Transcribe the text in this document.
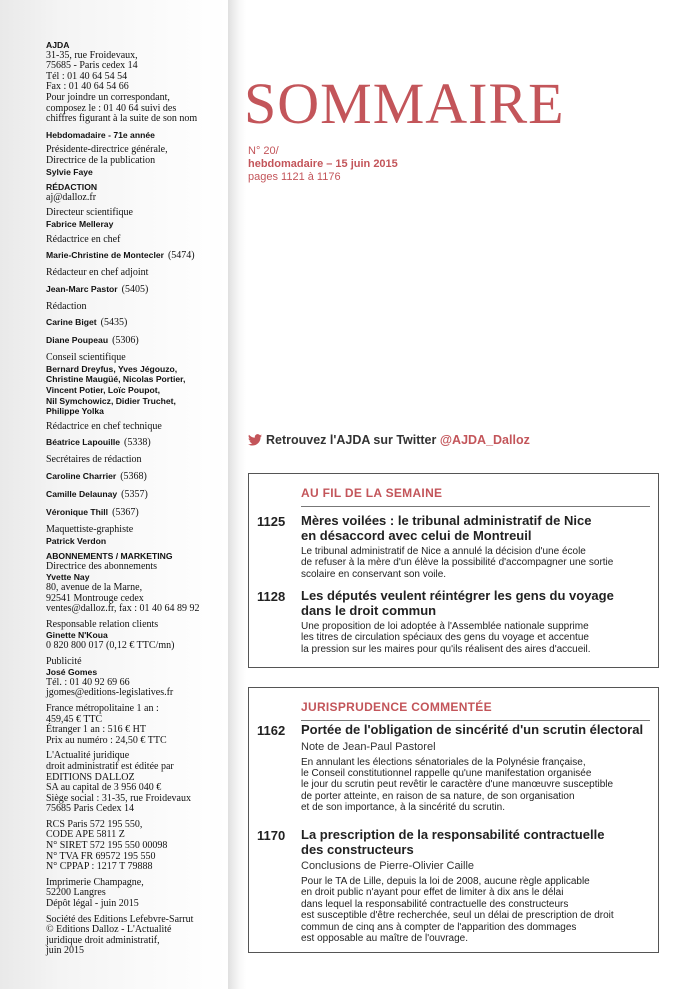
AJDA
31-35, rue Froidevaux,
75685 - Paris cedex 14
Tél : 01 40 64 54 54
Fax : 01 40 64 54 66
Pour joindre un correspondant,
composez le : 01 40 64 suivi des
chiffres figurant à la suite de son nom
Hebdomadaire - 71e année
Présidente-directrice générale,
Directrice de la publication
Sylvie Faye
RÉDACTION
aj@dalloz.fr
Directeur scientifique
Fabrice Melleray
Rédactrice en chef
Marie-Christine de Montecler (5474)
Rédacteur en chef adjoint
Jean-Marc Pastor (5405)
Rédaction
Carine Biget (5435)
Diane Poupeau (5306)
Conseil scientifique
Bernard Dreyfus, Yves Jégouzo,
Christine Maugüé, Nicolas Portier,
Vincent Potier, Loïc Poupot,
Nil Symchowicz, Didier Truchet,
Philippe Yolka
Rédactrice en chef technique
Béatrice Lapouille (5338)
Secrétaires de rédaction
Caroline Charrier (5368)
Camille Delaunay (5357)
Véronique Thill (5367)
Maquettiste-graphiste
Patrick Verdon
ABONNEMENTS / MARKETING
Directrice des abonnements
Yvette Nay
80, avenue de la Marne,
92541 Montrouge cedex
ventes@dalloz.fr, fax : 01 40 64 89 92
Responsable relation clients
Ginette N'Koua
0 820 800 017 (0,12 € TTC/mn)
Publicité
José Gomes
Tél. : 01 40 92 69 66
jgomes@editions-legislatives.fr
France métropolitaine 1 an :
459,45 € TTC
Étranger 1 an : 516 € HT
Prix au numéro : 24,50 € TTC
L'Actualité juridique
droit administratif est éditée par
EDITIONS DALLOZ
SA au capital de 3 956 040 €
Siège social : 31-35, rue Froidevaux
75685 Paris Cedex 14
RCS Paris 572 195 550,
CODE APE 5811 Z
N° SIRET 572 195 550 00098
N° TVA FR 69572 195 550
N° CPPAP : 1217 T 79888
Imprimerie Champagne,
52200 Langres
Dépôt légal - juin 2015
Société des Editions Lefebvre-Sarrut
© Editions Dalloz - L'Actualité
juridique droit administratif,
juin 2015
SOMMAIRE
N° 20/
hebdomadaire – 15 juin 2015
pages 1121 à 1176
Retrouvez l'AJDA sur Twitter @AJDA_Dalloz
AU FIL DE LA SEMAINE
1125 Mères voilées : le tribunal administratif de Nice
en désaccord avec celui de Montreuil
Le tribunal administratif de Nice a annulé la décision d'une école
de refuser à la mère d'un élève la possibilité d'accompagner une sortie
scolaire en conservant son voile.
1128 Les députés veulent réintégrer les gens du voyage
dans le droit commun
Une proposition de loi adoptée à l'Assemblée nationale supprime
les titres de circulation spéciaux des gens du voyage et accentue
la pression sur les maires pour qu'ils réalisent des aires d'accueil.
JURISPRUDENCE COMMENTÉE
1162 Portée de l'obligation de sincérité d'un scrutin électoral
Note de Jean-Paul Pastorel
En annulant les élections sénatoriales de la Polynésie française,
le Conseil constitutionnel rappelle qu'une manifestation organisée
le jour du scrutin peut revêtir le caractère d'une manœuvre susceptible
de porter atteinte, en raison de sa nature, de son organisation
et de son importance, à la sincérité du scrutin.
1170 La prescription de la responsabilité contractuelle
des constructeurs
Conclusions de Pierre-Olivier Caille
Pour le TA de Lille, depuis la loi de 2008, aucune règle applicable
en droit public n'ayant pour effet de limiter à dix ans le délai
dans lequel la responsabilité contractuelle des constructeurs
est susceptible d'être recherchée, seul un délai de prescription de droit
commun de cinq ans à compter de l'apparition des dommages
est opposable au maître de l'ouvrage.
